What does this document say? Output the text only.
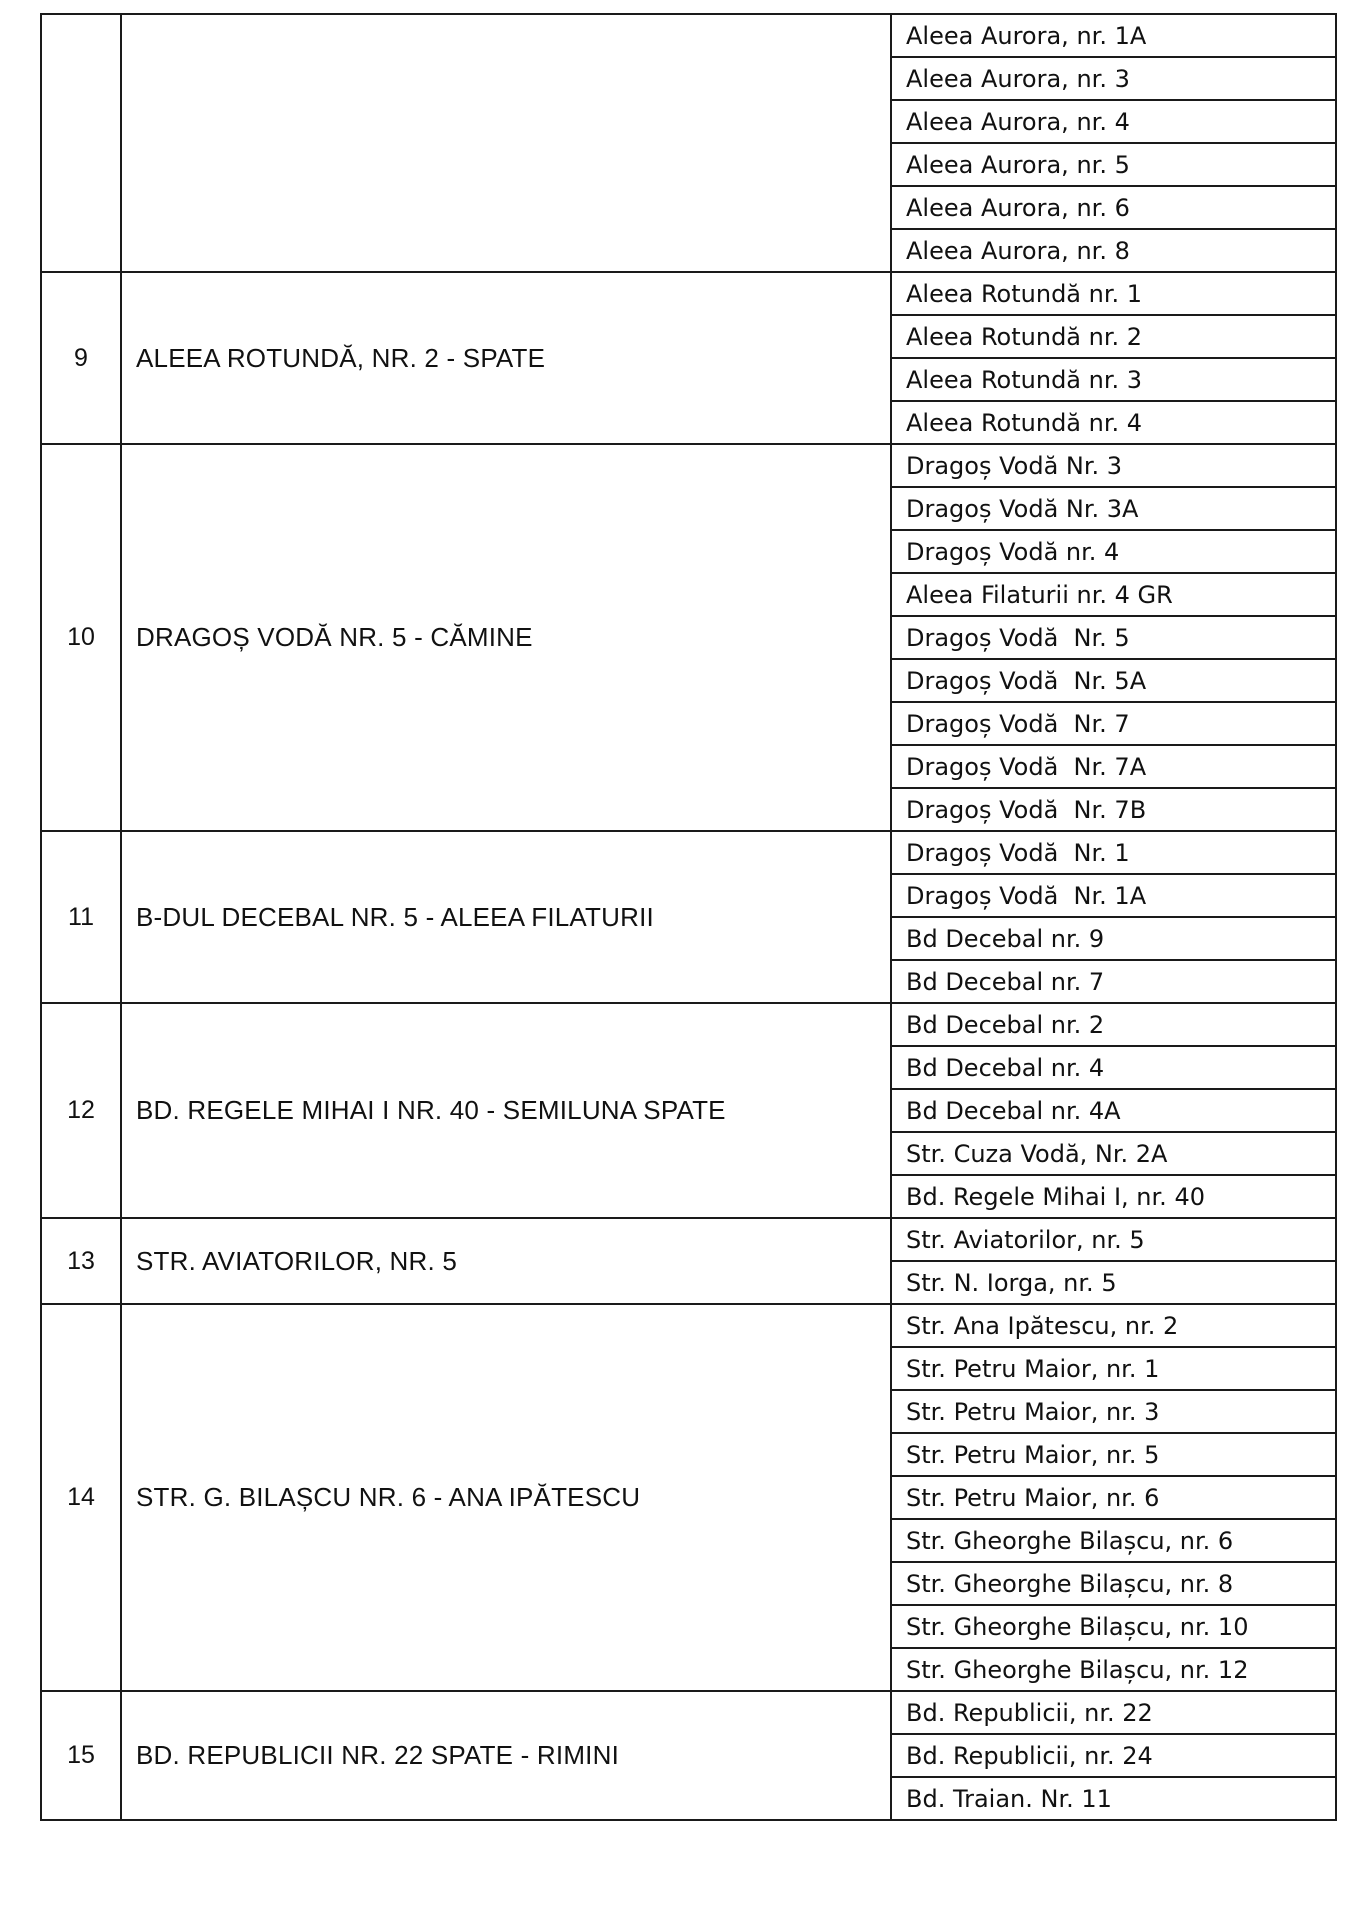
		Aleea Aurora, nr. 1A
		Aleea Aurora, nr. 3
		Aleea Aurora, nr. 4
		Aleea Aurora, nr. 5
		Aleea Aurora, nr. 6
		Aleea Aurora, nr. 8
9	ALEEA ROTUNDĂ, NR. 2 - SPATE	Aleea Rotundă nr. 1
		Aleea Rotundă nr. 2
		Aleea Rotundă nr. 3
		Aleea Rotundă nr. 4
10	DRAGOȘ VODĂ NR. 5 - CĂMINE	Dragoș Vodă Nr. 3
		Dragoș Vodă Nr. 3A
		Dragoș Vodă nr. 4
		Aleea Filaturii nr. 4 GR
		Dragoș Vodă  Nr. 5
		Dragoș Vodă  Nr. 5A
		Dragoș Vodă  Nr. 7
		Dragoș Vodă  Nr. 7A
		Dragoș Vodă  Nr. 7B
11	B-DUL DECEBAL NR. 5 - ALEEA FILATURII	Dragoș Vodă  Nr. 1
		Dragoș Vodă  Nr. 1A
		Bd Decebal nr. 9
		Bd Decebal nr. 7
12	BD. REGELE MIHAI I NR. 40 - SEMILUNA SPATE	Bd Decebal nr. 2
		Bd Decebal nr. 4
		Bd Decebal nr. 4A
		Str. Cuza Vodă, Nr. 2A
		Bd. Regele Mihai I, nr. 40
13	STR. AVIATORILOR, NR. 5	Str. Aviatorilor, nr. 5
		Str. N. Iorga, nr. 5
14	STR. G. BILAȘCU NR. 6 - ANA IPĂTESCU	Str. Ana Ipătescu, nr. 2
		Str. Petru Maior, nr. 1
		Str. Petru Maior, nr. 3
		Str. Petru Maior, nr. 5
		Str. Petru Maior, nr. 6
		Str. Gheorghe Bilașcu, nr. 6
		Str. Gheorghe Bilașcu, nr. 8
		Str. Gheorghe Bilașcu, nr. 10
		Str. Gheorghe Bilașcu, nr. 12
15	BD. REPUBLICII NR. 22 SPATE - RIMINI	Bd. Republicii, nr. 22
		Bd. Republicii, nr. 24
		Bd. Traian. Nr. 11
